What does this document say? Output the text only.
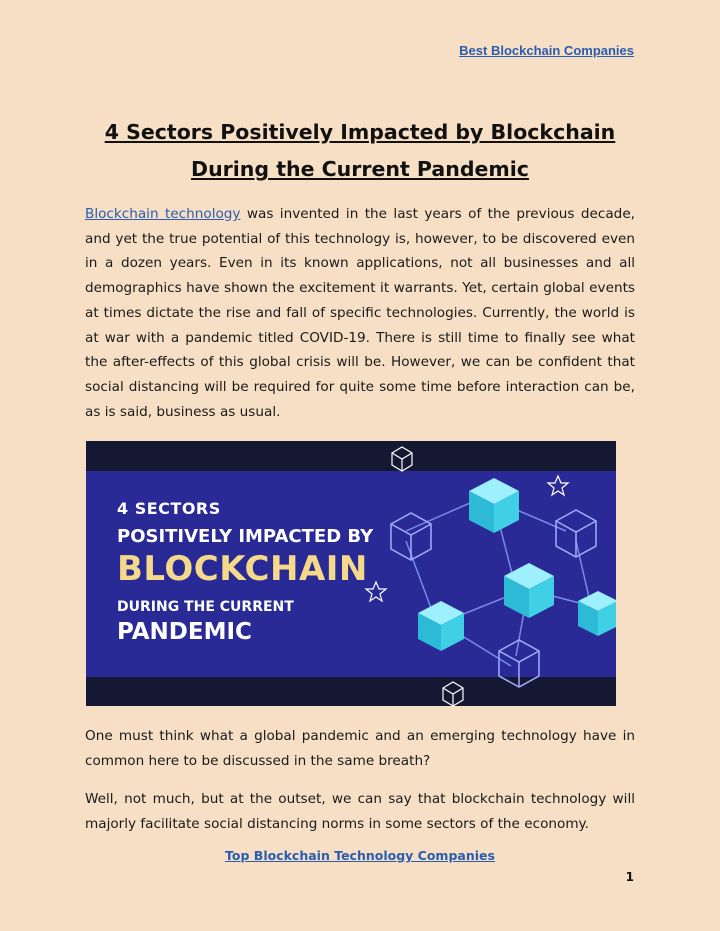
Best Blockchain Companies
4 Sectors Positively Impacted by Blockchain
During the Current Pandemic
Blockchain technology was invented in the last years of the previous decade, and yet the true potential of this technology is, however, to be discovered even in a dozen years. Even in its known applications, not all businesses and all demographics have shown the excitement it warrants. Yet, certain global events at times dictate the rise and fall of specific technologies. Currently, the world is at war with a pandemic titled COVID-19. There is still time to finally see what the after-effects of this global crisis will be. However, we can be confident that social distancing will be required for quite some time before interaction can be, as is said, business as usual.
4 SECTORS
POSITIVELY IMPACTED BY
BLOCKCHAIN
DURING THE CURRENT
PANDEMIC
One must think what a global pandemic and an emerging technology have in common here to be discussed in the same breath?
Well, not much, but at the outset, we can say that blockchain technology will majorly facilitate social distancing norms in some sectors of the economy.
Top Blockchain Technology Companies
1
